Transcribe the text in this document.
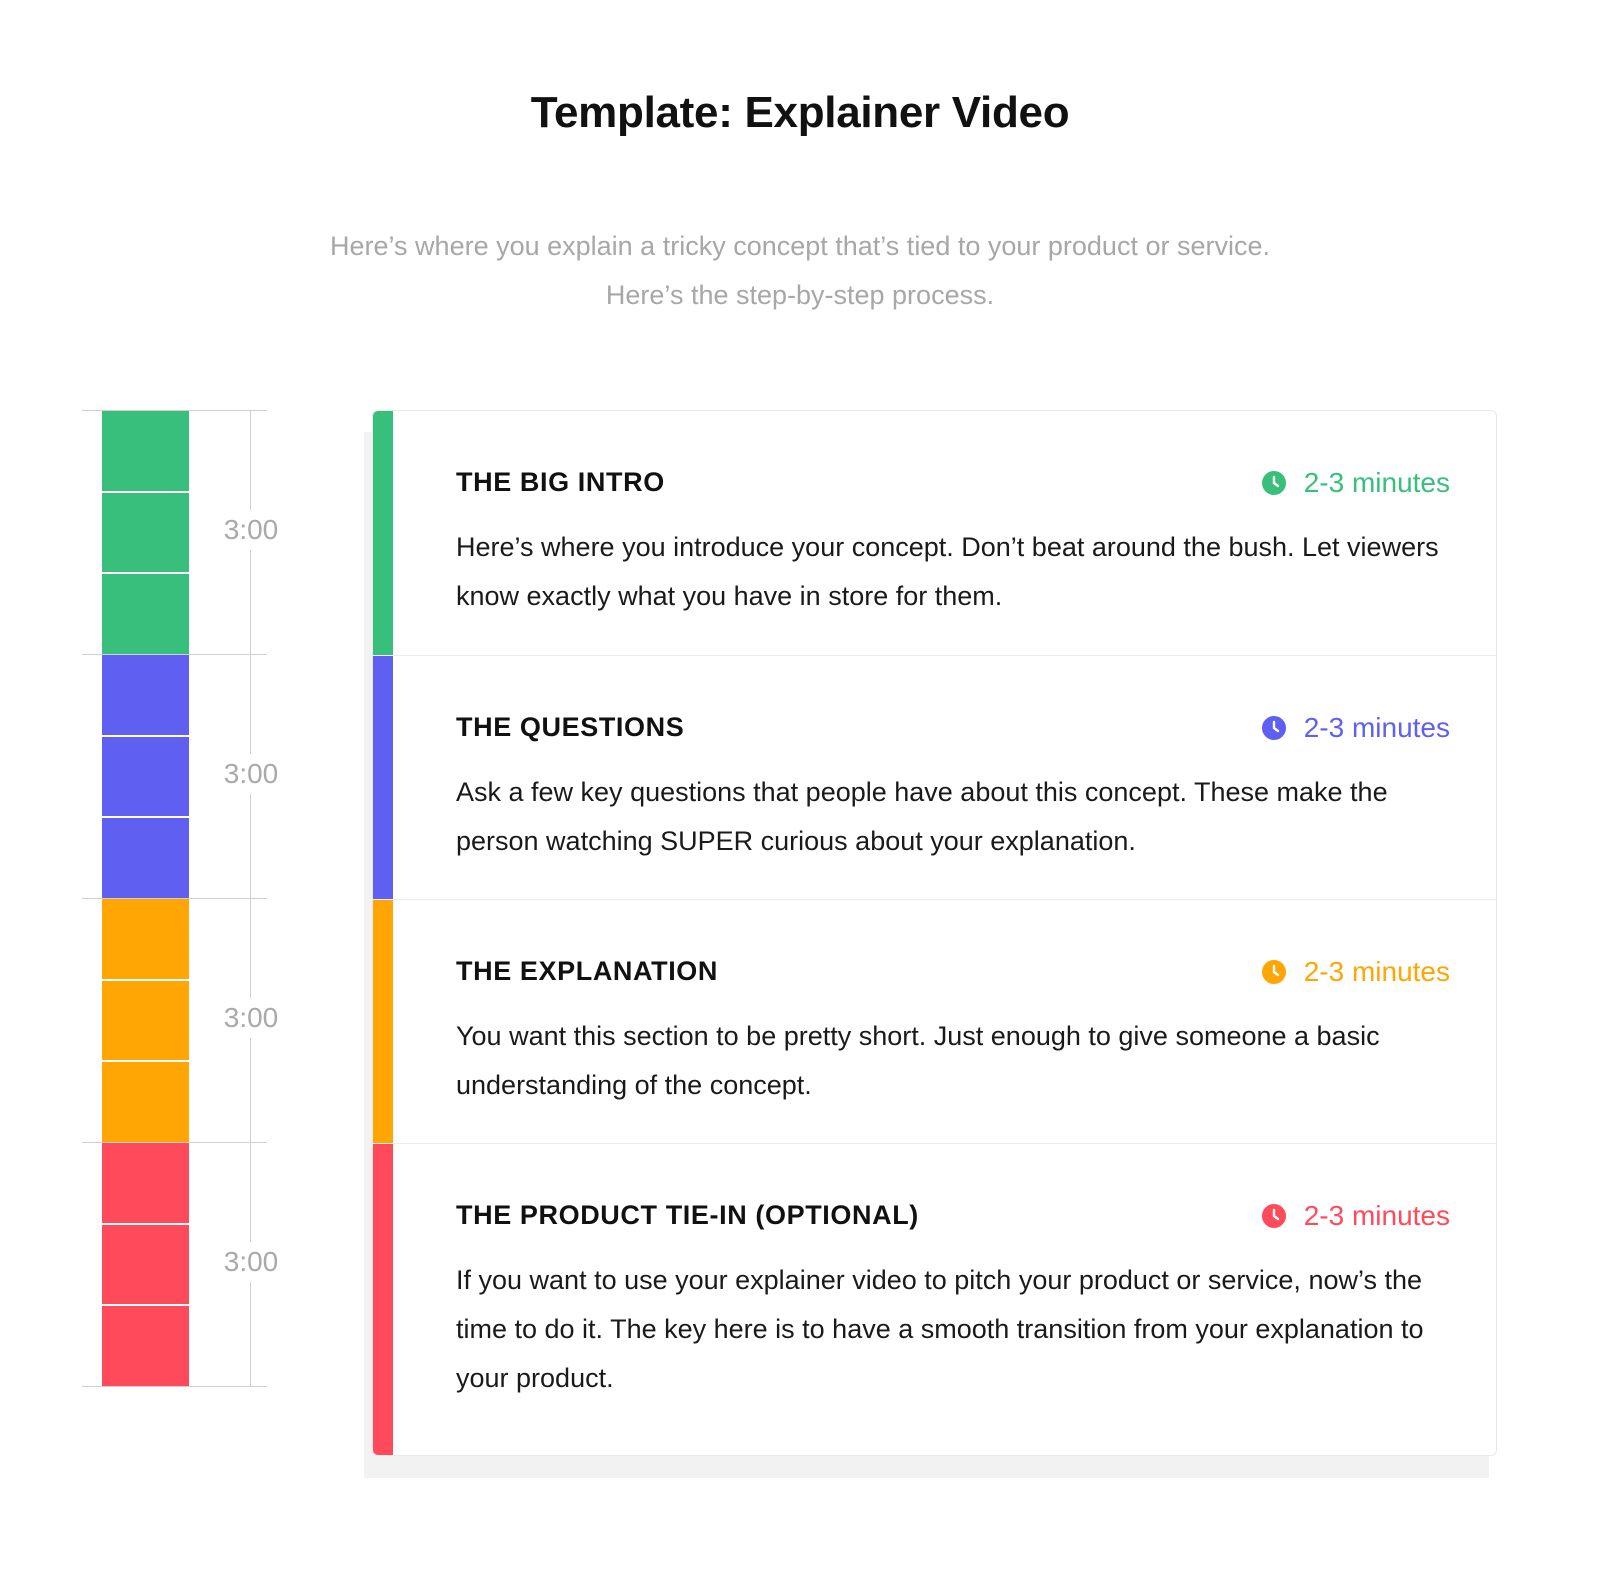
Template: Explainer Video
Here’s where you explain a tricky concept that’s tied to your product or service.
Here’s the step-by-step process.
3:00
3:00
3:00
3:00
THE BIG INTRO	2-3 minutes
Here’s where you introduce your concept. Don’t beat around the bush. Let viewers know exactly what you have in store for them.
THE QUESTIONS	2-3 minutes
Ask a few key questions that people have about this concept. These make the person watching SUPER curious about your explanation.
THE EXPLANATION	2-3 minutes
You want this section to be pretty short. Just enough to give someone a basic understanding of the concept.
THE PRODUCT TIE-IN (OPTIONAL)	2-3 minutes
If you want to use your explainer video to pitch your product or service, now’s the time to do it. The key here is to have a smooth transition from your explanation to your product.
